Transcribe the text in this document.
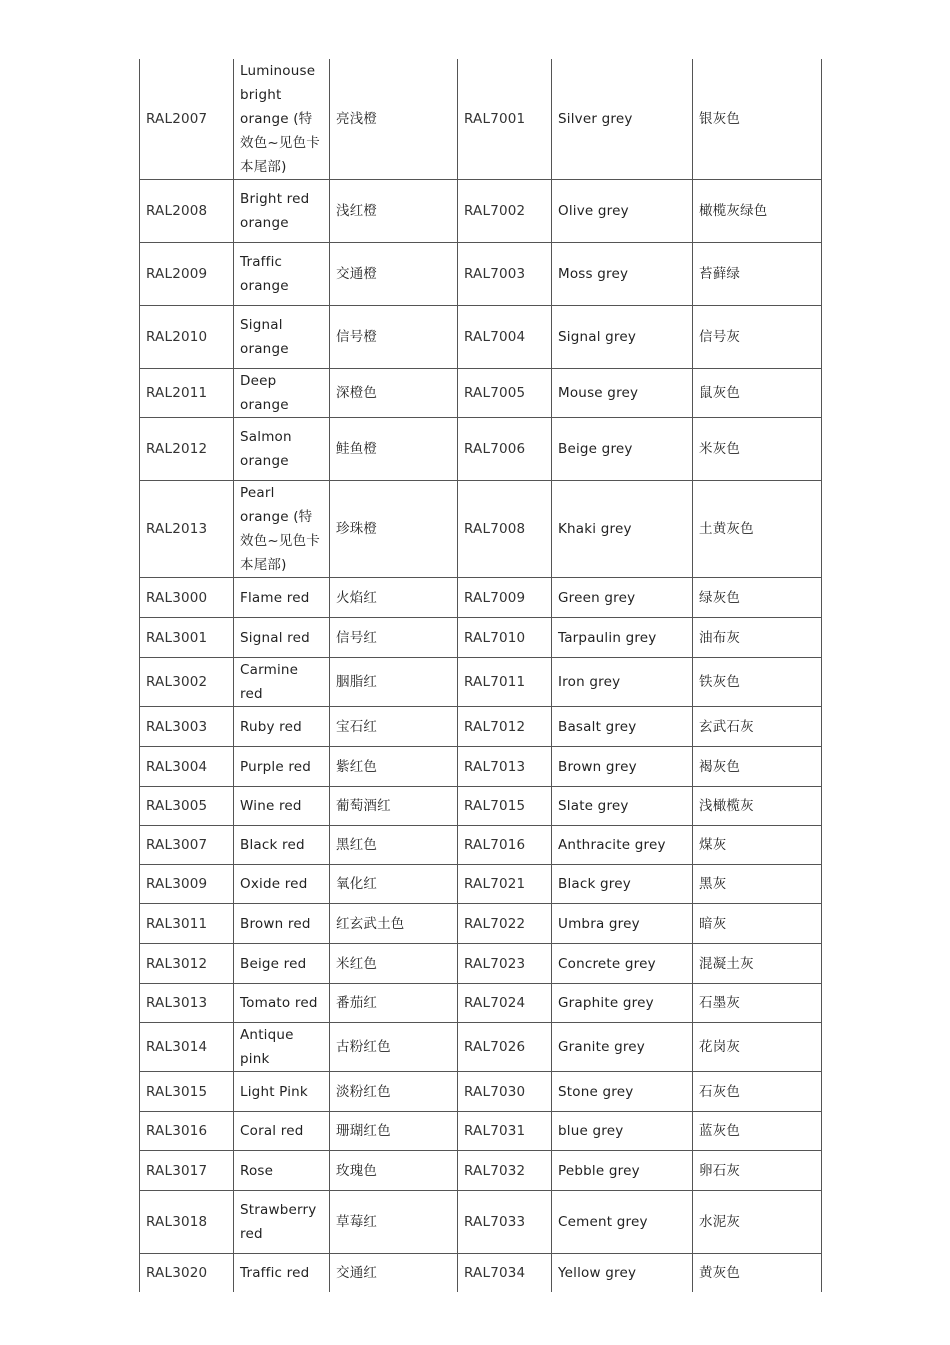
RAL2007	Luminouse bright orange (特效色~见色卡本尾部)	亮浅橙	RAL7001	Silver grey	银灰色
RAL2008	Bright red orange	浅红橙	RAL7002	Olive grey	橄榄灰绿色
RAL2009	Traffic orange	交通橙	RAL7003	Moss grey	苔藓绿
RAL2010	Signal orange	信号橙	RAL7004	Signal grey	信号灰
RAL2011	Deep orange	深橙色	RAL7005	Mouse grey	鼠灰色
RAL2012	Salmon orange	鲑鱼橙	RAL7006	Beige grey	米灰色
RAL2013	Pearl orange (特效色~见色卡本尾部)	珍珠橙	RAL7008	Khaki grey	土黄灰色
RAL3000	Flame red	火焰红	RAL7009	Green grey	绿灰色
RAL3001	Signal red	信号红	RAL7010	Tarpaulin grey	油布灰
RAL3002	Carmine red	胭脂红	RAL7011	Iron grey	铁灰色
RAL3003	Ruby red	宝石红	RAL7012	Basalt grey	玄武石灰
RAL3004	Purple red	紫红色	RAL7013	Brown grey	褐灰色
RAL3005	Wine red	葡萄酒红	RAL7015	Slate grey	浅橄榄灰
RAL3007	Black red	黑红色	RAL7016	Anthracite grey	煤灰
RAL3009	Oxide red	氧化红	RAL7021	Black grey	黑灰
RAL3011	Brown red	红玄武土色	RAL7022	Umbra grey	暗灰
RAL3012	Beige red	米红色	RAL7023	Concrete grey	混凝土灰
RAL3013	Tomato red	番茄红	RAL7024	Graphite grey	石墨灰
RAL3014	Antique pink	古粉红色	RAL7026	Granite grey	花岗灰
RAL3015	Light Pink	淡粉红色	RAL7030	Stone grey	石灰色
RAL3016	Coral red	珊瑚红色	RAL7031	blue grey	蓝灰色
RAL3017	Rose	玫瑰色	RAL7032	Pebble grey	卵石灰
RAL3018	Strawberry red	草莓红	RAL7033	Cement grey	水泥灰
RAL3020	Traffic red	交通红	RAL7034	Yellow grey	黄灰色
